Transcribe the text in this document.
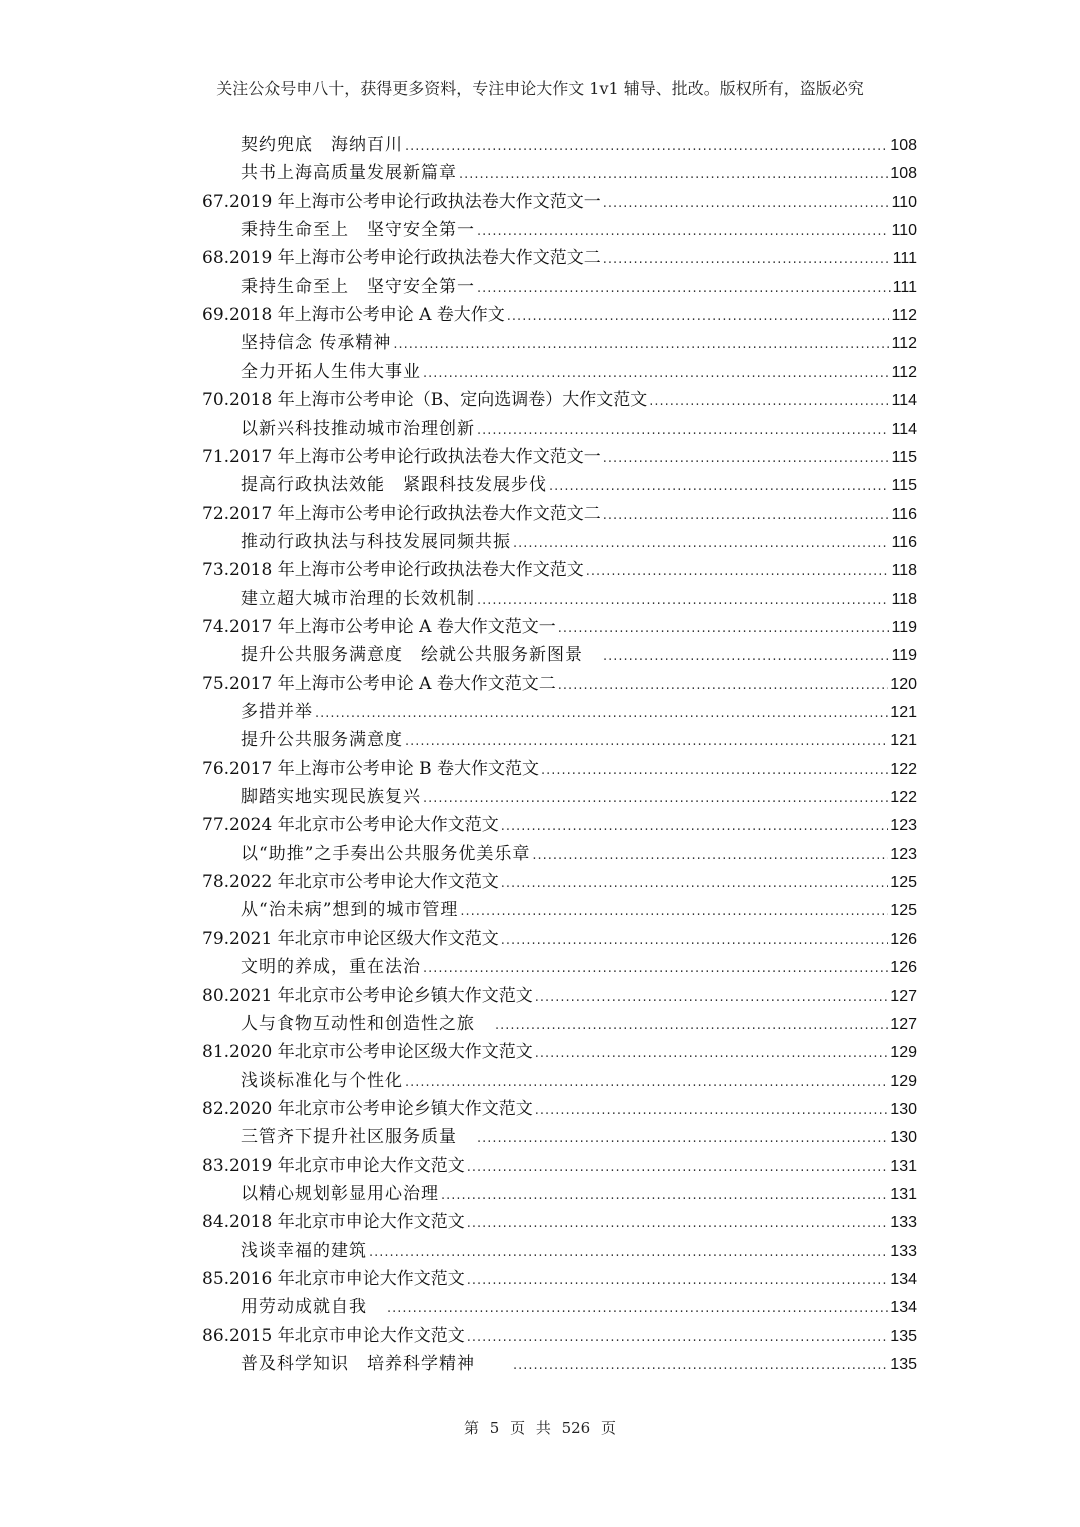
关注公众号申八十，获得更多资料，专注申论大作文 1v1 辅导、批改。版权所有，盗版必究
契约兜底　海纳百川 .....	108
共书上海高质量发展新篇章 .....	108
67.2019 年上海市公考申论行政执法卷大作文范文一 .....	110
秉持生命至上　坚守安全第一 .....	110
68.2019 年上海市公考申论行政执法卷大作文范文二 .....	111
秉持生命至上　坚守安全第一 .....	111
69.2018 年上海市公考申论 A 卷大作文 .....	112
坚持信念 传承精神 .....	112
全力开拓人生伟大事业 .....	112
70.2018 年上海市公考申论（B、定向选调卷）大作文范文 .....	114
以新兴科技推动城市治理创新 .....	114
71.2017 年上海市公考申论行政执法卷大作文范文一 .....	115
提高行政执法效能　紧跟科技发展步伐 .....	115
72.2017 年上海市公考申论行政执法卷大作文范文二 .....	116
推动行政执法与科技发展同频共振 .....	116
73.2018 年上海市公考申论行政执法卷大作文范文 .....	118
建立超大城市治理的长效机制 .....	118
74.2017 年上海市公考申论 A 卷大作文范文一 .....	119
提升公共服务满意度　绘就公共服务新图景　 .....	119
75.2017 年上海市公考申论 A 卷大作文范文二 .....	120
多措并举 .....	121
提升公共服务满意度 .....	121
76.2017 年上海市公考申论 B 卷大作文范文 .....	122
脚踏实地实现民族复兴 .....	122
77.2024 年北京市公考申论大作文范文 .....	123
以“助推”之手奏出公共服务优美乐章 .....	123
78.2022 年北京市公考申论大作文范文 .....	125
从“治未病”想到的城市管理 .....	125
79.2021 年北京市申论区级大作文范文 .....	126
文明的养成，重在法治 .....	126
80.2021 年北京市公考申论乡镇大作文范文 .....	127
人与食物互动性和创造性之旅　 .....	127
81.2020 年北京市公考申论区级大作文范文 .....	129
浅谈标准化与个性化 .....	129
82.2020 年北京市公考申论乡镇大作文范文 .....	130
三管齐下提升社区服务质量　 .....	130
83.2019 年北京市申论大作文范文 .....	131
以精心规划彰显用心治理 .....	131
84.2018 年北京市申论大作文范文 .....	133
浅谈幸福的建筑 .....	133
85.2016 年北京市申论大作文范文 .....	134
用劳动成就自我　 .....	134
86.2015 年北京市申论大作文范文 .....	135
普及科学知识　培养科学精神　　 .....	135
第 5 页 共 526 页
